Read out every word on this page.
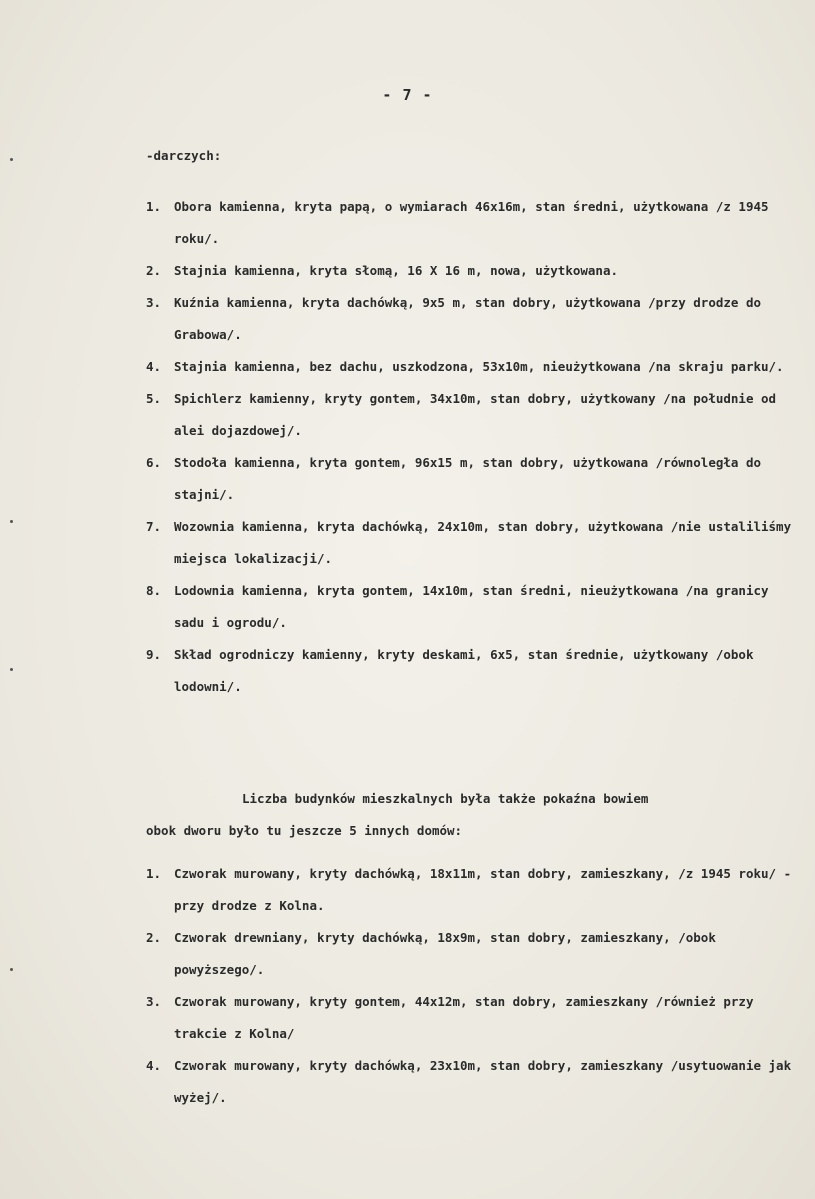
- 7 -
-darczych:
1. Obora kamienna, kryta papą, o wymiarach 46x16m, stan średni, użytkowana /z 1945 roku/.
2. Stajnia kamienna, kryta słomą, 16 X 16 m, nowa, użytkowana.
3. Kuźnia kamienna, kryta dachówką, 9x5 m, stan dobry, użytkowana /przy drodze do Grabowa/.
4. Stajnia kamienna, bez dachu, uszkodzona, 53x10m, nieużytkowana /na skraju parku/.
5. Spichlerz kamienny, kryty gontem, 34x10m, stan dobry, użytkowany /na południe od alei dojazdowej/.
6. Stodoła kamienna, kryta gontem, 96x15 m, stan dobry, użytkowana /równoległa do stajni/.
7. Wozownia kamienna, kryta dachówką, 24x10m, stan dobry, użytkowana /nie ustaliliśmy miejsca lokalizacji/.
8. Lodownia kamienna, kryta gontem, 14x10m, stan średni, nieużytkowana /na granicy sadu i ogrodu/.
9. Skład ogrodniczy kamienny, kryty deskami, 6x5, stan średnie, użytkowany /obok lodowni/.
Liczba budynków mieszkalnych była także pokaźna bowiem
obok dworu było tu jeszcze 5 innych domów:
1. Czworak murowany, kryty dachówką, 18x11m, stan dobry, zamieszkany, /z 1945 roku/ - przy drodze z Kolna.
2. Czworak drewniany, kryty dachówką, 18x9m, stan dobry, zamieszkany, /obok powyższego/.
3. Czworak murowany, kryty gontem, 44x12m, stan dobry, zamieszkany /również przy trakcie z Kolna/
4. Czworak murowany, kryty dachówką, 23x10m, stan dobry, zamieszkany /usytuowanie jak wyżej/.
